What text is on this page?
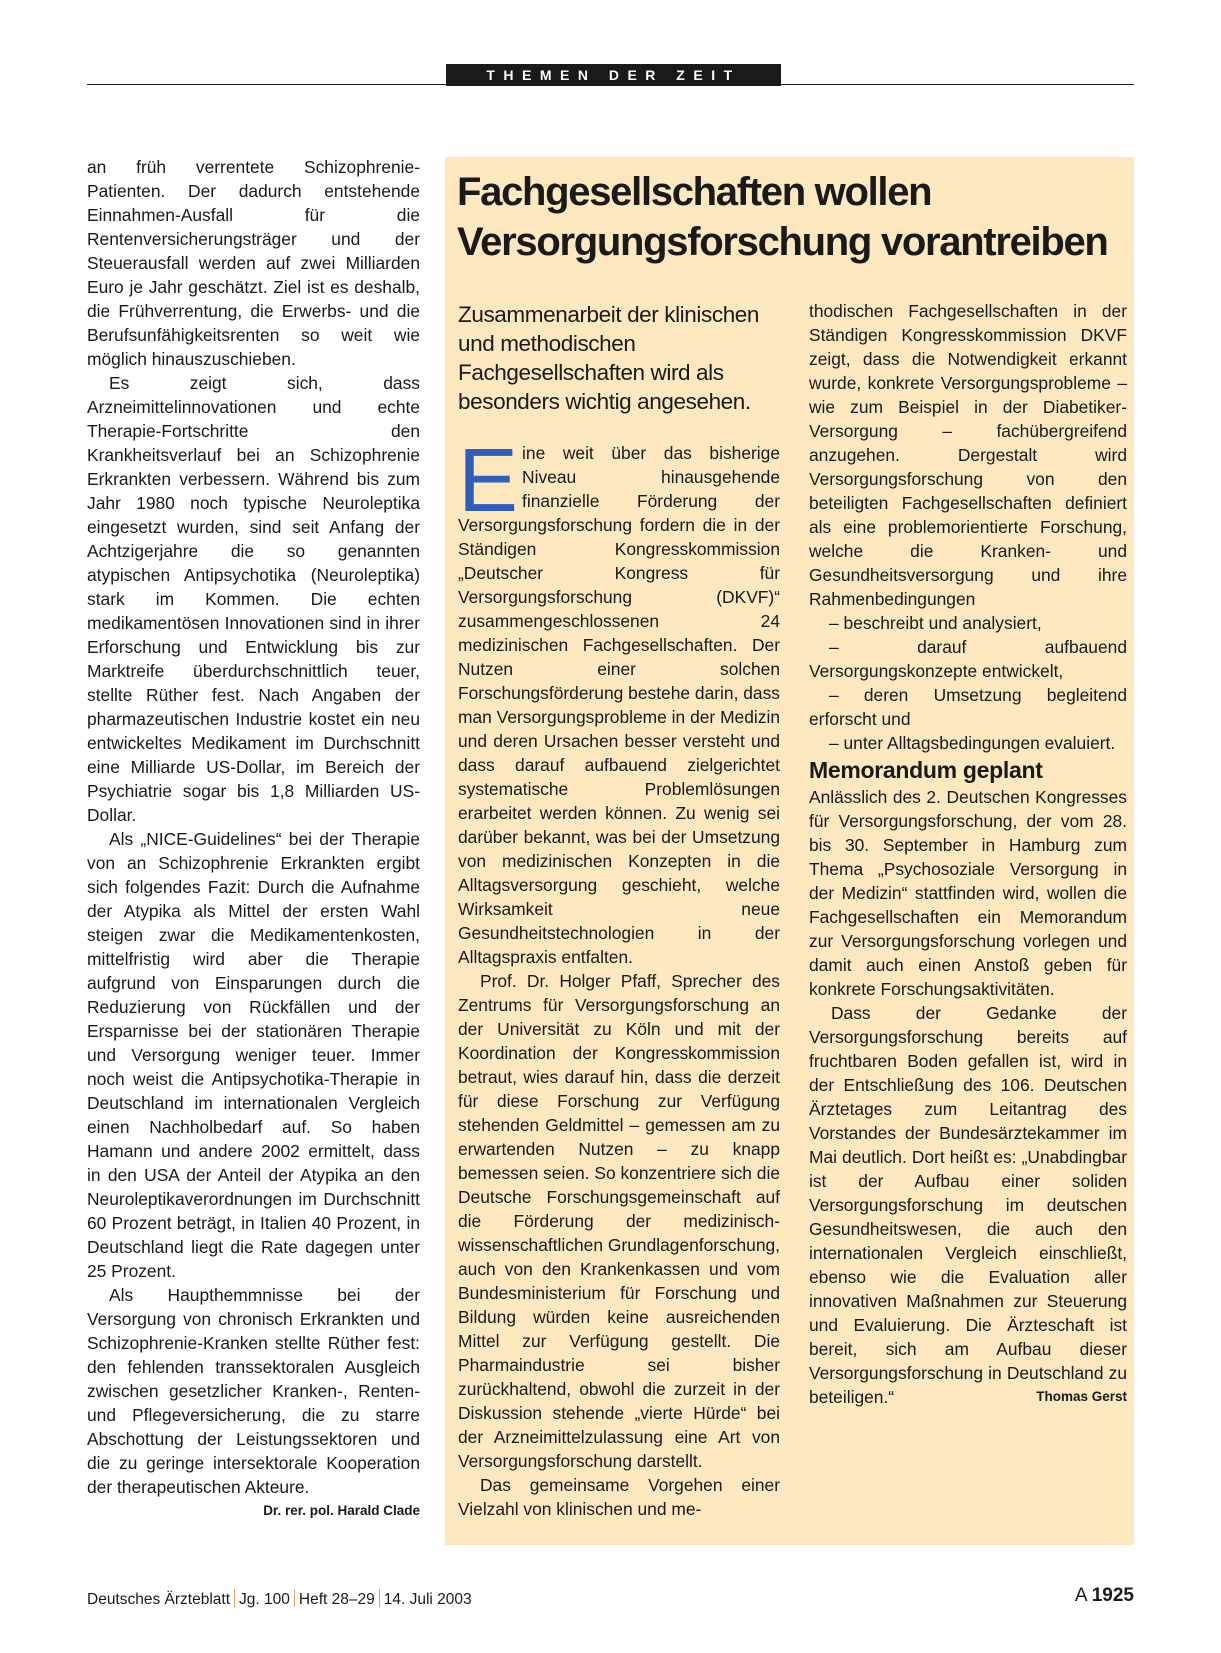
THEMEN DER ZEIT

an früh verrentete Schizophrenie-Patienten. Der dadurch entstehende Einnahmen-Ausfall für die Rentenversicherungsträger und der Steuerausfall werden auf zwei Milliarden Euro je Jahr geschätzt. Ziel ist es deshalb, die Frühverrentung, die Erwerbs- und die Berufsunfähigkeitsrenten so weit wie möglich hinauszuschieben.

Es zeigt sich, dass Arzneimittelinnovationen und echte Therapie-Fortschritte den Krankheitsverlauf bei an Schizophrenie Erkrankten verbessern. Während bis zum Jahr 1980 noch typische Neuroleptika eingesetzt wurden, sind seit Anfang der Achtzigerjahre die so genannten atypischen Antipsychotika (Neuroleptika) stark im Kommen. Die echten medikamentösen Innovationen sind in ihrer Erforschung und Entwicklung bis zur Marktreife überdurchschnittlich teuer, stellte Rüther fest. Nach Angaben der pharmazeutischen Industrie kostet ein neu entwickeltes Medikament im Durchschnitt eine Milliarde US-Dollar, im Bereich der Psychiatrie sogar bis 1,8 Milliarden US-Dollar.

Als „NICE-Guidelines“ bei der Therapie von an Schizophrenie Erkrankten ergibt sich folgendes Fazit: Durch die Aufnahme der Atypika als Mittel der ersten Wahl steigen zwar die Medikamentenkosten, mittelfristig wird aber die Therapie aufgrund von Einsparungen durch die Reduzierung von Rückfällen und der Ersparnisse bei der stationären Therapie und Versorgung weniger teuer. Immer noch weist die Antipsychotika-Therapie in Deutschland im internationalen Vergleich einen Nachholbedarf auf. So haben Hamann und andere 2002 ermittelt, dass in den USA der Anteil der Atypika an den Neuroleptikaverordnungen im Durchschnitt 60 Prozent beträgt, in Italien 40 Prozent, in Deutschland liegt die Rate dagegen unter 25 Prozent.

Als Haupthemmnisse bei der Versorgung von chronisch Erkrankten und Schizophrenie-Kranken stellte Rüther fest: den fehlenden transsektoralen Ausgleich zwischen gesetzlicher Kranken-, Renten- und Pflegeversicherung, die zu starre Abschottung der Leistungssektoren und die zu geringe intersektorale Kooperation der therapeutischen Akteure.
Dr. rer. pol. Harald Clade

Fachgesellschaften wollen
Versorgungsforschung vorantreiben

Zusammenarbeit der klinischen und methodischen Fachgesellschaften wird als besonders wichtig angesehen.

Eine weit über das bisherige Niveau hinausgehende finanzielle Förderung der Versorgungsforschung fordern die in der Ständigen Kongresskommission „Deutscher Kongress für Versorgungsforschung (DKVF)“ zusammengeschlossenen 24 medizinischen Fachgesellschaften. Der Nutzen einer solchen Forschungsförderung bestehe darin, dass man Versorgungsprobleme in der Medizin und deren Ursachen besser versteht und dass darauf aufbauend zielgerichtet systematische Problemlösungen erarbeitet werden können. Zu wenig sei darüber bekannt, was bei der Umsetzung von medizinischen Konzepten in die Alltagsversorgung geschieht, welche Wirksamkeit neue Gesundheitstechnologien in der Alltagspraxis entfalten.

Prof. Dr. Holger Pfaff, Sprecher des Zentrums für Versorgungsforschung an der Universität zu Köln und mit der Koordination der Kongresskommission betraut, wies darauf hin, dass die derzeit für diese Forschung zur Verfügung stehenden Geldmittel – gemessen am zu erwartenden Nutzen – zu knapp bemessen seien. So konzentriere sich die Deutsche Forschungsgemeinschaft auf die Förderung der medizinisch-wissenschaftlichen Grundlagenforschung, auch von den Krankenkassen und vom Bundesministerium für Forschung und Bildung würden keine ausreichenden Mittel zur Verfügung gestellt. Die Pharmaindustrie sei bisher zurückhaltend, obwohl die zurzeit in der Diskussion stehende „vierte Hürde“ bei der Arzneimittelzulassung eine Art von Versorgungsforschung darstellt.

Das gemeinsame Vorgehen einer Vielzahl von klinischen und me-

thodischen Fachgesellschaften in der Ständigen Kongresskommission DKVF zeigt, dass die Notwendigkeit erkannt wurde, konkrete Versorgungsprobleme – wie zum Beispiel in der Diabetiker-Versorgung – fachübergreifend anzugehen. Dergestalt wird Versorgungsforschung von den beteiligten Fachgesellschaften definiert als eine problemorientierte Forschung, welche die Kranken- und Gesundheitsversorgung und ihre Rahmenbedingungen

– beschreibt und analysiert,

– darauf aufbauend Versorgungskonzepte entwickelt,

– deren Umsetzung begleitend erforscht und

– unter Alltagsbedingungen evaluiert.

Memorandum geplant

Anlässlich des 2. Deutschen Kongresses für Versorgungsforschung, der vom 28. bis 30. September in Hamburg zum Thema „Psychosoziale Versorgung in der Medizin“ stattfinden wird, wollen die Fachgesellschaften ein Memorandum zur Versorgungsforschung vorlegen und damit auch einen Anstoß geben für konkrete Forschungsaktivitäten.

Dass der Gedanke der Versorgungsforschung bereits auf fruchtbaren Boden gefallen ist, wird in der Entschließung des 106. Deutschen Ärztetages zum Leitantrag des Vorstandes der Bundesärztekammer im Mai deutlich. Dort heißt es: „Unabdingbar ist der Aufbau einer soliden Versorgungsforschung im deutschen Gesundheitswesen, die auch den internationalen Vergleich einschließt, ebenso wie die Evaluation aller innovativen Maßnahmen zur Steuerung und Evaluierung. Die Ärzteschaft ist bereit, sich am Aufbau dieser Versorgungsforschung in Deutschland zu beteiligen.“	Thomas Gerst

Deutsches Ärzteblatt Jg. 100 Heft 28–29 14. Juli 2003	A 1925
